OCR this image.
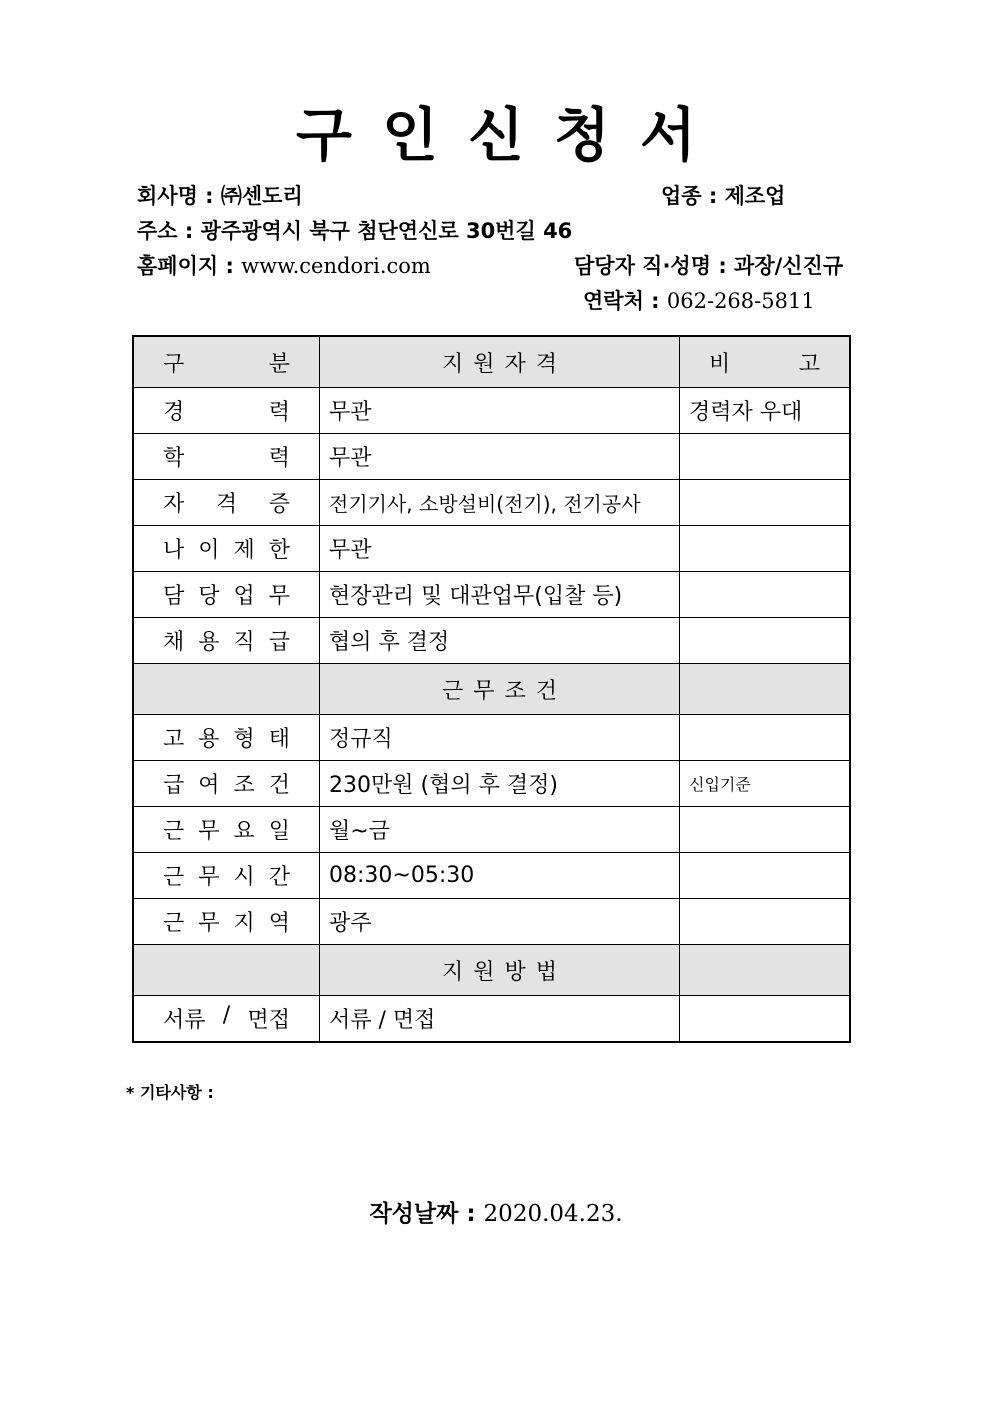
구인신청서
회사명 : ㈜센도리	업종 : 제조업
주소 : 광주광역시 북구 첨단연신로 30번길 46
홈페이지 : www.cendori.com	담당자 직·성명 : 과장/신진규
연락처 : 062-268-5811
구 분	지원자격	비 고

경 력	무관	경력자 우대

학 력	무관	

자 격 증	전기기사, 소방설비(전기), 전기공사	

나 이 제 한	무관	

담 당 업 무	현장관리 및 대관업무(입찰 등)	

채 용 직 급	협의 후 결정	
	근무조건	

고 용 형 태	정규직	

급 여 조 건	230만원 (협의 후 결정)	신입기준

근 무 요 일	월~금	

근 무 시 간	08:30~05:30	

근 무 지 역	광주	
	지원방법	

서류 / 면접	서류 / 면접	
* 기타사항 :
작성날짜 : 2020.04.23.
